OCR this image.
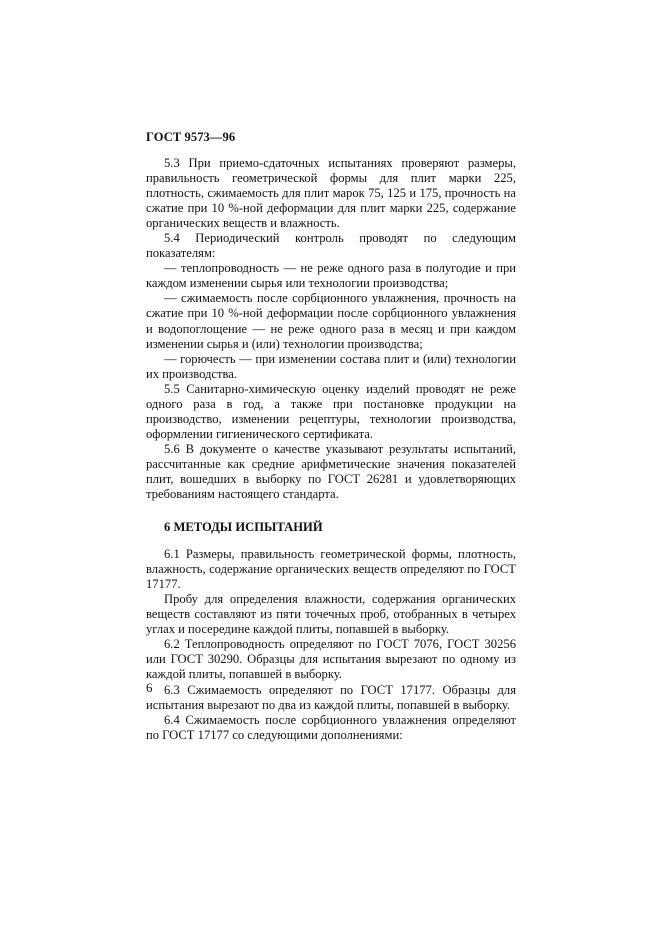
ГОСТ 9573—96

5.3 При приемо-сдаточных испытаниях проверяют размеры, правильность геометрической формы для плит марки 225, плотность, сжимаемость для плит марок 75, 125 и 175, прочность на сжатие при 10 %-ной деформации для плит марки 225, содержание органических веществ и влажность.

5.4 Периодический контроль проводят по следующим показателям:

— теплопроводность — не реже одного раза в полугодие и при каждом изменении сырья или технологии производства;

— сжимаемость после сорбционного увлажнения, прочность на сжатие при 10 %-ной деформации после сорбционного увлажнения и водопоглощение — не реже одного раза в месяц и при каждом изменении сырья и (или) технологии производства;

— горючесть — при изменении состава плит и (или) технологии их производства.

5.5 Санитарно-химическую оценку изделий проводят не реже одного раза в год, а также при постановке продукции на производство, изменении рецептуры, технологии производства, оформлении гигиенического сертификата.

5.6 В документе о качестве указывают результаты испытаний, рассчитанные как средние арифметические значения показателей плит, вошедших в выборку по ГОСТ 26281 и удовлетворяющих требованиям настоящего стандарта.

6 МЕТОДЫ ИСПЫТАНИЙ

6.1 Размеры, правильность геометрической формы, плотность, влажность, содержание органических веществ определяют по ГОСТ 17177.

Пробу для определения влажности, содержания органических веществ составляют из пяти точечных проб, отобранных в четырех углах и посередине каждой плиты, попавшей в выборку.

6.2 Теплопроводность определяют по ГОСТ 7076, ГОСТ 30256 или ГОСТ 30290. Образцы для испытания вырезают по одному из каждой плиты, попавшей в выборку.

6.3 Сжимаемость определяют по ГОСТ 17177. Образцы для испытания вырезают по два из каждой плиты, попавшей в выборку.

6.4 Сжимаемость после сорбционного увлажнения определяют по ГОСТ 17177 со следующими дополнениями:

6
